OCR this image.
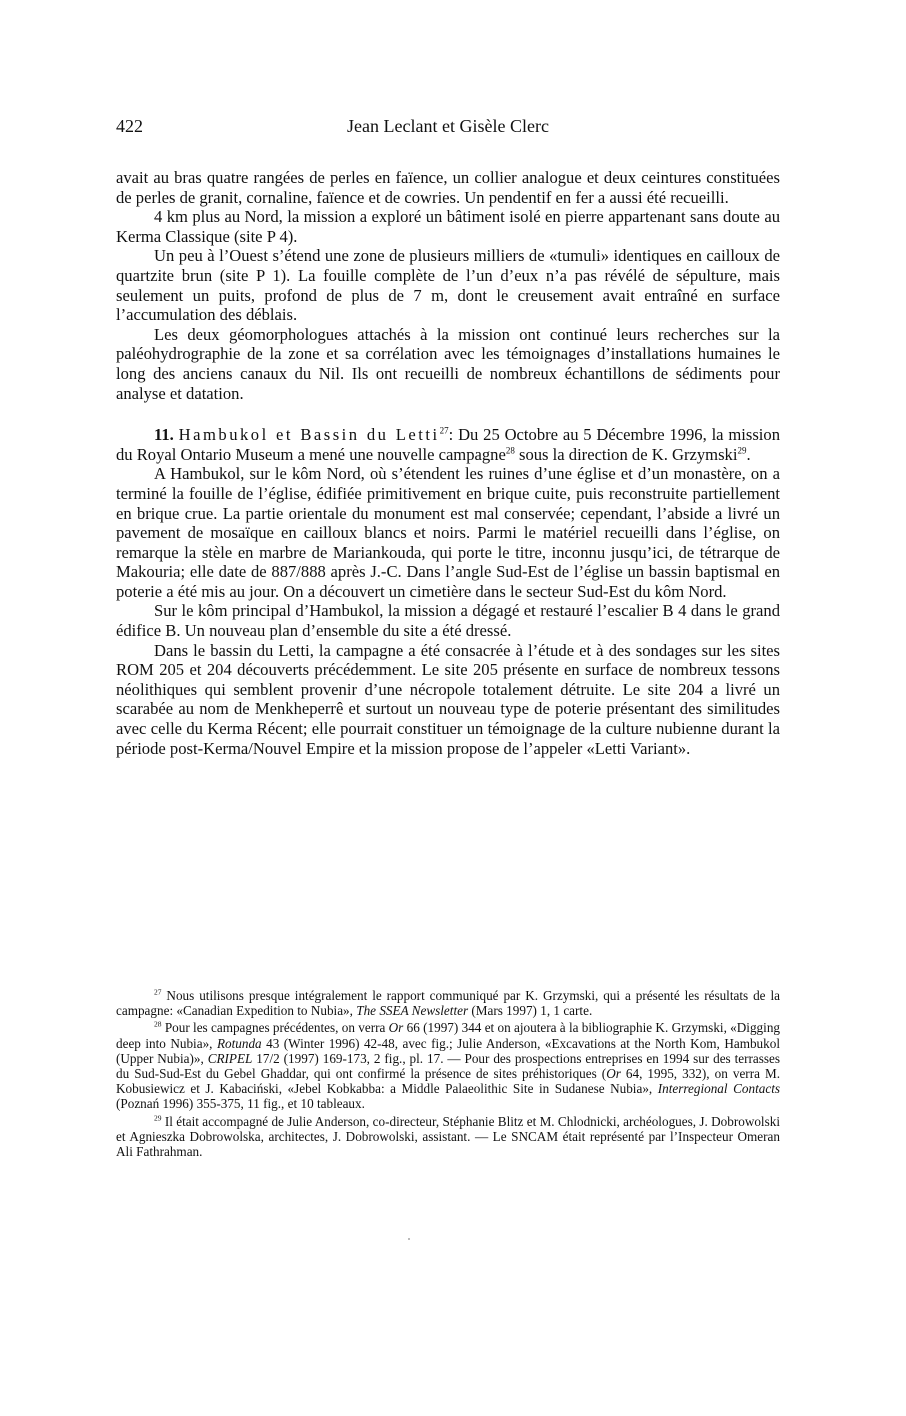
422	Jean Leclant et Gisèle Clerc

avait au bras quatre rangées de perles en faïence, un collier analogue et deux ceintures constituées de perles de granit, cornaline, faïence et de cowries. Un pendentif en fer a aussi été recueilli.

4 km plus au Nord, la mission a exploré un bâtiment isolé en pierre appartenant sans doute au Kerma Classique (site P 4).

Un peu à l’Ouest s’étend une zone de plusieurs milliers de «tumuli» identiques en cailloux de quartzite brun (site P 1). La fouille complète de l’un d’eux n’a pas révélé de sépulture, mais seulement un puits, profond de plus de 7 m, dont le creusement avait entraîné en surface l’accumulation des déblais.

Les deux géomorphologues attachés à la mission ont continué leurs recherches sur la paléohydrographie de la zone et sa corrélation avec les témoignages d’installations humaines le long des anciens canaux du Nil. Ils ont recueilli de nombreux échantillons de sédiments pour analyse et datation.

11. Hambukol et Bassin du Letti$^{27}$: Du 25 Octobre au 5 Décembre 1996, la mission du Royal Ontario Museum a mené une nouvelle campagne$^{28}$ sous la direction de K. Grzymski$^{29}$.

A Hambukol, sur le kôm Nord, où s’étendent les ruines d’une église et d’un monastère, on a terminé la fouille de l’église, édifiée primitivement en brique cuite, puis reconstruite partiellement en brique crue. La partie orientale du monument est mal conservée; cependant, l’abside a livré un pavement de mosaïque en cailloux blancs et noirs. Parmi le matériel recueilli dans l’église, on remarque la stèle en marbre de Mariankouda, qui porte le titre, inconnu jusqu’ici, de tétrarque de Makouria; elle date de 887/888 après J.-C. Dans l’angle Sud-Est de l’église un bassin baptismal en poterie a été mis au jour. On a découvert un cimetière dans le secteur Sud-Est du kôm Nord.

Sur le kôm principal d’Hambukol, la mission a dégagé et restauré l’escalier B 4 dans le grand édifice B. Un nouveau plan d’ensemble du site a été dressé.

Dans le bassin du Letti, la campagne a été consacrée à l’étude et à des sondages sur les sites ROM 205 et 204 découverts précédemment. Le site 205 présente en surface de nombreux tessons néolithiques qui semblent provenir d’une nécropole totalement détruite. Le site 204 a livré un scarabée au nom de Menkheperrê et surtout un nouveau type de poterie présentant des similitudes avec celle du Kerma Récent; elle pourrait constituer un témoignage de la culture nubienne durant la période post-Kerma/Nouvel Empire et la mission propose de l’appeler «Letti Variant».

$^{27}$ Nous utilisons presque intégralement le rapport communiqué par K. Grzymski, qui a présenté les résultats de la campagne: «Canadian Expedition to Nubia», The SSEA Newsletter (Mars 1997) 1, 1 carte.

$^{28}$ Pour les campagnes précédentes, on verra Or 66 (1997) 344 et on ajoutera à la bibliographie K. Grzymski, «Digging deep into Nubia», Rotunda 43 (Winter 1996) 42-48, avec fig.; Julie Anderson, «Excavations at the North Kom, Hambukol (Upper Nubia)», CRIPEL 17/2 (1997) 169-173, 2 fig., pl. 17. — Pour des prospections entreprises en 1994 sur des terrasses du Sud-Sud-Est du Gebel Ghaddar, qui ont confirmé la présence de sites préhistoriques (Or 64, 1995, 332), on verra M. Kobusiewicz et J. Kabaciński, «Jebel Kobkabba: a Middle Palaeolithic Site in Sudanese Nubia», Interregional Contacts (Poznań 1996) 355-375, 11 fig., et 10 tableaux.

$^{29}$ Il était accompagné de Julie Anderson, co-directeur, Stéphanie Blitz et M. Chlodnicki, archéologues, J. Dobrowolski et Agnieszka Dobrowolska, architectes, J. Dobrowolski, assistant. — Le SNCAM était représenté par l’Inspecteur Omeran Ali Fathrahman.
